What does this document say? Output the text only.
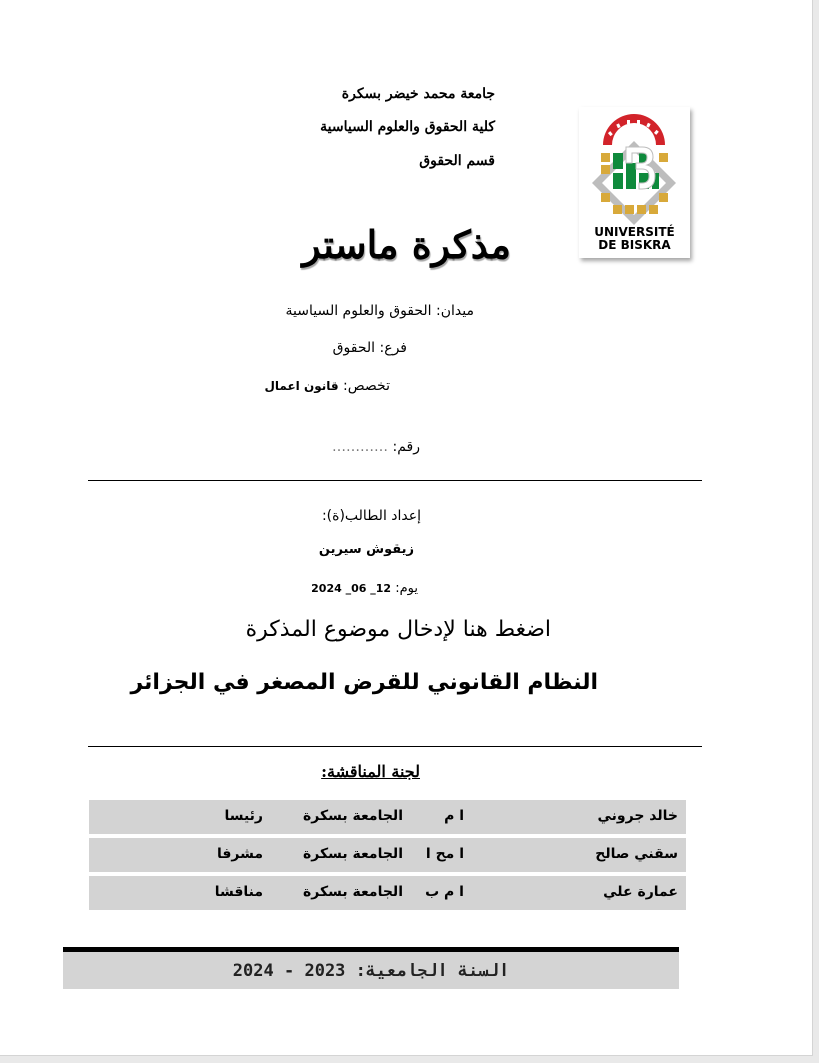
جامعة محمد خيضر بسكرة
كلية الحقوق والعلوم السياسية
قسم الحقوق
UNIVERSITÉ
DE BISKRA
مذكرة ماستر
ميدان: الحقوق والعلوم السياسية
فرع: الحقوق
تخصص: قانون اعمال
رقم: …………
إعداد الطالب(ة):
زيقوش سيرين
يوم: 12_ 06_ 2024
اضغط هنا لإدخال موضوع المذكرة
النظام القانوني للقرض المصغر في الجزائر
لجنة المناقشة:
خالد جروني
ا م
الجامعة بسكرة
رئيسا
سقني صالح
ا مح ا
الجامعة بسكرة
مشرفا
عمارة علي
ا م ب
الجامعة بسكرة
مناقشا
السنة الجامعية: 2023 - 2024
